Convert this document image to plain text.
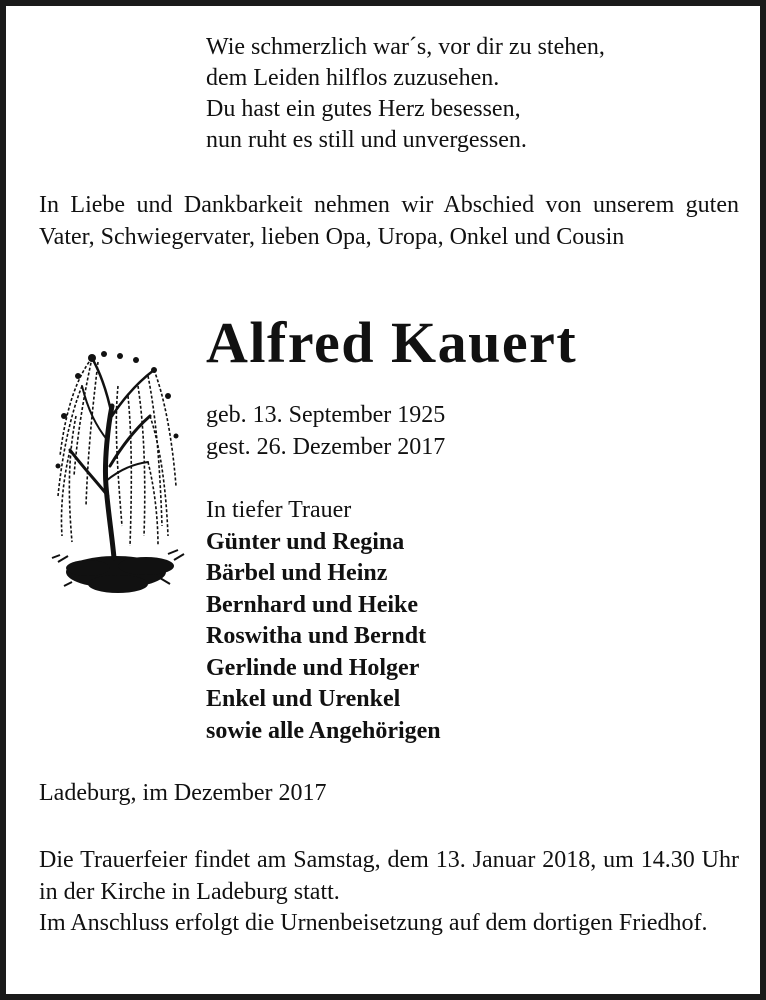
Wie schmerzlich war´s, vor dir zu stehen,
dem Leiden hilflos zuzusehen.
Du hast ein gutes Herz besessen,
nun ruht es still und unvergessen.
In Liebe und Dankbarkeit nehmen wir Abschied von unserem guten Vater, Schwiegervater, lieben Opa, Uropa, Onkel und Cousin
Alfred Kauert
geb. 13. September 1925
gest. 26. Dezember 2017
In tiefer Trauer
Günter und Regina
Bärbel und Heinz
Bernhard und Heike
Roswitha und Berndt
Gerlinde und Holger
Enkel und Urenkel
sowie alle Angehörigen
Ladeburg, im Dezember 2017

Die Trauerfeier findet am Samstag, dem 13. Januar 2018, um 14.30 Uhr in der Kirche in Ladeburg statt.

Im Anschluss erfolgt die Urnenbeisetzung auf dem dortigen Friedhof.
